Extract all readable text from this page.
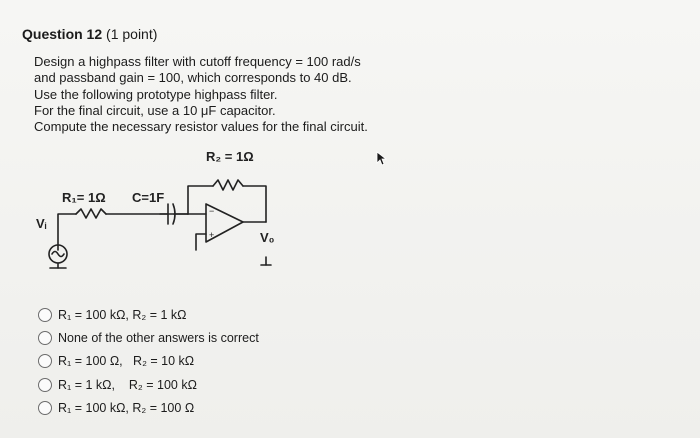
Question 12 (1 point)
Design a highpass filter with cutoff frequency = 100 rad/s
and passband gain = 100, which corresponds to 40 dB.
Use the following prototype highpass filter.
For the final circuit, use a 10 μF capacitor.
Compute the necessary resistor values for the final circuit.
R₂ = 1Ω
R₁= 1Ω C=1F
Vᵢ
V₀
−
+
R₁ = 100 kΩ, R₂ = 1 kΩ
None of the other answers is correct
R₁ = 100 Ω,   R₂ = 10 kΩ
R₁ = 1 kΩ,    R₂ = 100 kΩ
R₁ = 100 kΩ, R₂ = 100 Ω
